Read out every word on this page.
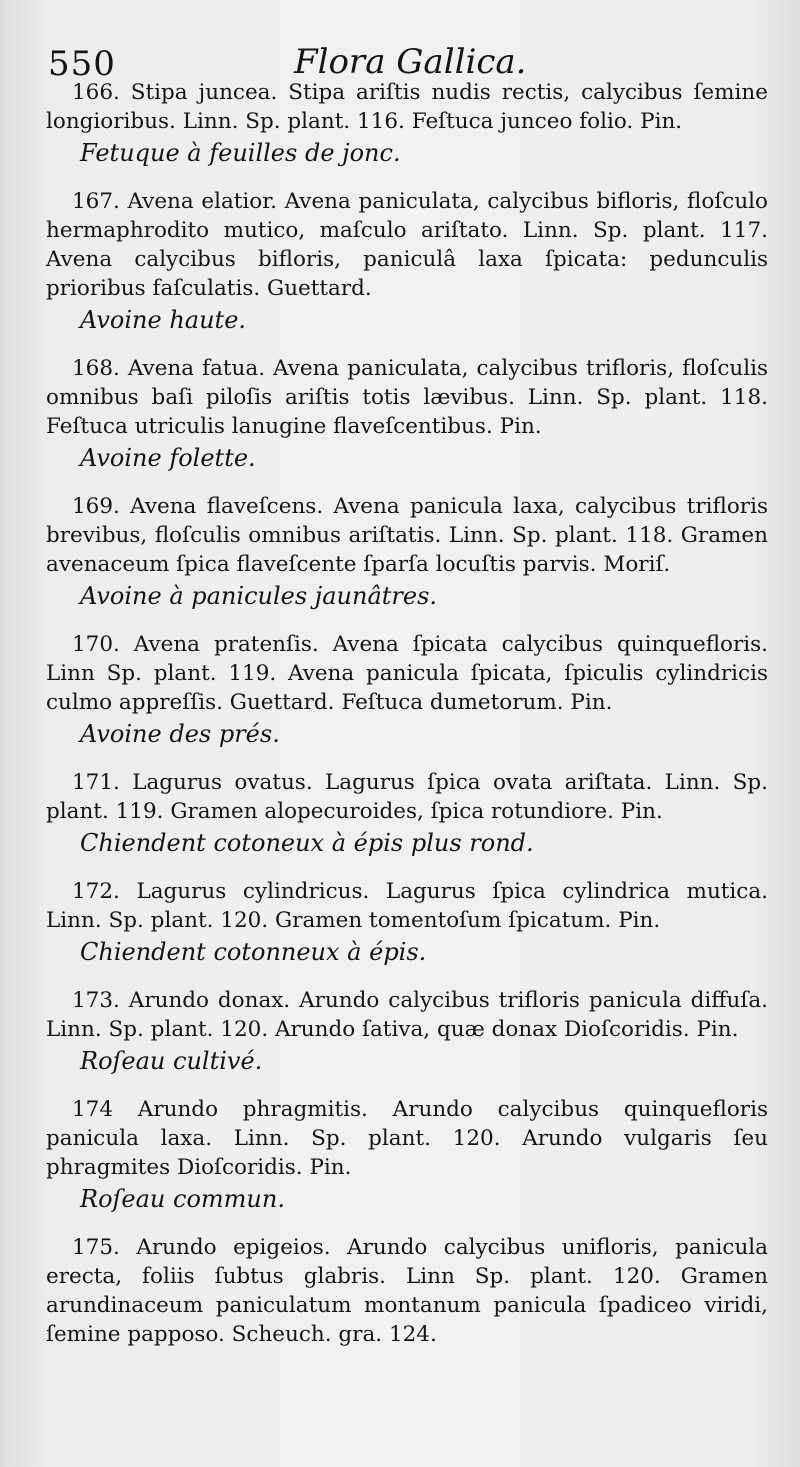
550	Flora Gallica.

166. Stipa juncea. Stipa ariſtis nudis rectis, calycibus ſemine longioribus. Linn. Sp. plant. 116. Feſtuca junceo folio. Pin.

Fetuque à feuilles de jonc.

167. Avena elatior. Avena paniculata, calycibus bifloris, floſculo hermaphrodito mutico, maſculo ariſtato. Linn. Sp. plant. 117. Avena calycibus bifloris, paniculâ laxa ſpicata: pedunculis prioribus faſculatis. Guettard.

Avoine haute.

168. Avena fatua. Avena paniculata, calycibus trifloris, floſculis omnibus baſi piloſis ariſtis totis lævibus. Linn. Sp. plant. 118. Feſtuca utriculis lanugine flaveſcentibus. Pin.

Avoine folette.

169. Avena flaveſcens. Avena panicula laxa, calycibus trifloris brevibus, floſculis omnibus ariſtatis. Linn. Sp. plant. 118. Gramen avenaceum ſpica flaveſcente ſparſa locuſtis parvis. Moriſ.

Avoine à panicules jaunâtres.

170. Avena pratenſis. Avena ſpicata calycibus quinquefloris. Linn Sp. plant. 119. Avena panicula ſpicata, ſpiculis cylindricis culmo appreſſis. Guettard. Feſtuca dumetorum. Pin.

Avoine des prés.

171. Lagurus ovatus. Lagurus ſpica ovata ariſtata. Linn. Sp. plant. 119. Gramen alopecuroides, ſpica rotundiore. Pin.

Chiendent cotoneux à épis plus rond.

172. Lagurus cylindricus. Lagurus ſpica cylindrica mutica. Linn. Sp. plant. 120. Gramen tomentoſum ſpicatum. Pin.

Chiendent cotonneux à épis.

173. Arundo donax. Arundo calycibus trifloris panicula diffuſa. Linn. Sp. plant. 120. Arundo ſativa, quæ donax Dioſcoridis. Pin.

Roſeau cultivé.

174 Arundo phragmitis. Arundo calycibus quinquefloris panicula laxa. Linn. Sp. plant. 120. Arundo vulgaris ſeu phragmites Dioſcoridis. Pin.

Roſeau commun.

175. Arundo epigeios. Arundo calycibus unifloris, panicula erecta, foliis ſubtus glabris. Linn Sp. plant. 120. Gramen arundinaceum paniculatum montanum panicula ſpadiceo viridi, ſemine papposo. Scheuch. gra. 124.
